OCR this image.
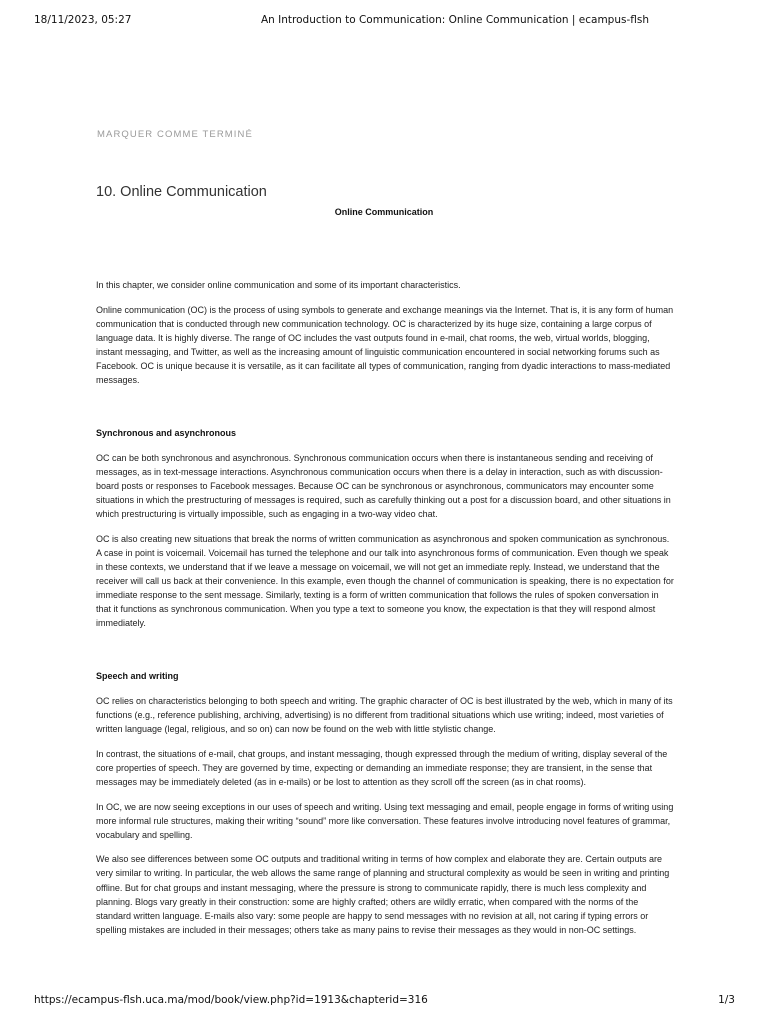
18/11/2023, 05:27	An Introduction to Communication: Online Communication | ecampus-flsh
MARQUER COMME TERMINÉ
10. Online Communication
Online Communication

In this chapter, we consider online communication and some of its important characteristics.

Online communication (OC) is the process of using symbols to generate and exchange meanings via the Internet. That is, it is any form of human communication that is conducted through new communication technology. OC is characterized by its huge size, containing a large corpus of language data. It is highly diverse. The range of OC includes the vast outputs found in e-mail, chat rooms, the web, virtual worlds, blogging, instant messaging, and Twitter, as well as the increasing amount of linguistic communication encountered in social networking forums such as Facebook. OC is unique because it is versatile, as it can facilitate all types of communication, ranging from dyadic interactions to mass-mediated messages.

Synchronous and asynchronous

OC can be both synchronous and asynchronous. Synchronous communication occurs when there is instantaneous sending and receiving of messages, as in text-message interactions. Asynchronous communication occurs when there is a delay in interaction, such as with discussion-board posts or responses to Facebook messages. Because OC can be synchronous or asynchronous, communicators may encounter some situations in which the prestructuring of messages is required, such as carefully thinking out a post for a discussion board, and other situations in which prestructuring is virtually impossible, such as engaging in a two-way video chat.

OC is also creating new situations that break the norms of written communication as asynchronous and spoken communication as synchronous. A case in point is voicemail. Voicemail has turned the telephone and our talk into asynchronous forms of communication. Even though we speak in these contexts, we understand that if we leave a message on voicemail, we will not get an immediate reply. Instead, we understand that the receiver will call us back at their convenience. In this example, even though the channel of communication is speaking, there is no expectation for immediate response to the sent message. Similarly, texting is a form of written communication that follows the rules of spoken conversation in that it functions as synchronous communication. When you type a text to someone you know, the expectation is that they will respond almost immediately.

Speech and writing

OC relies on characteristics belonging to both speech and writing. The graphic character of OC is best illustrated by the web, which in many of its functions (e.g., reference publishing, archiving, advertising) is no different from traditional situations which use writing; indeed, most varieties of written language (legal, religious, and so on) can now be found on the web with little stylistic change.

In contrast, the situations of e-mail, chat groups, and instant messaging, though expressed through the medium of writing, display several of the core properties of speech. They are governed by time, expecting or demanding an immediate response; they are transient, in the sense that messages may be immediately deleted (as in e-mails) or be lost to attention as they scroll off the screen (as in chat rooms).

In OC, we are now seeing exceptions in our uses of speech and writing. Using text messaging and email, people engage in forms of writing using more informal rule structures, making their writing “sound” more like conversation. These features involve introducing novel features of grammar, vocabulary and spelling.

We also see differences between some OC outputs and traditional writing in terms of how complex and elaborate they are. Certain outputs are very similar to writing. In particular, the web allows the same range of planning and structural complexity as would be seen in writing and printing offline. But for chat groups and instant messaging, where the pressure is strong to communicate rapidly, there is much less complexity and planning. Blogs vary greatly in their construction: some are highly crafted; others are wildly erratic, when compared with the norms of the standard written language. E-mails also vary: some people are happy to send messages with no revision at all, not caring if typing errors or spelling mistakes are included in their messages; others take as many pains to revise their messages as they would in non-OC settings.

https://ecampus-flsh.uca.ma/mod/book/view.php?id=1913&chapterid=316	1/3
